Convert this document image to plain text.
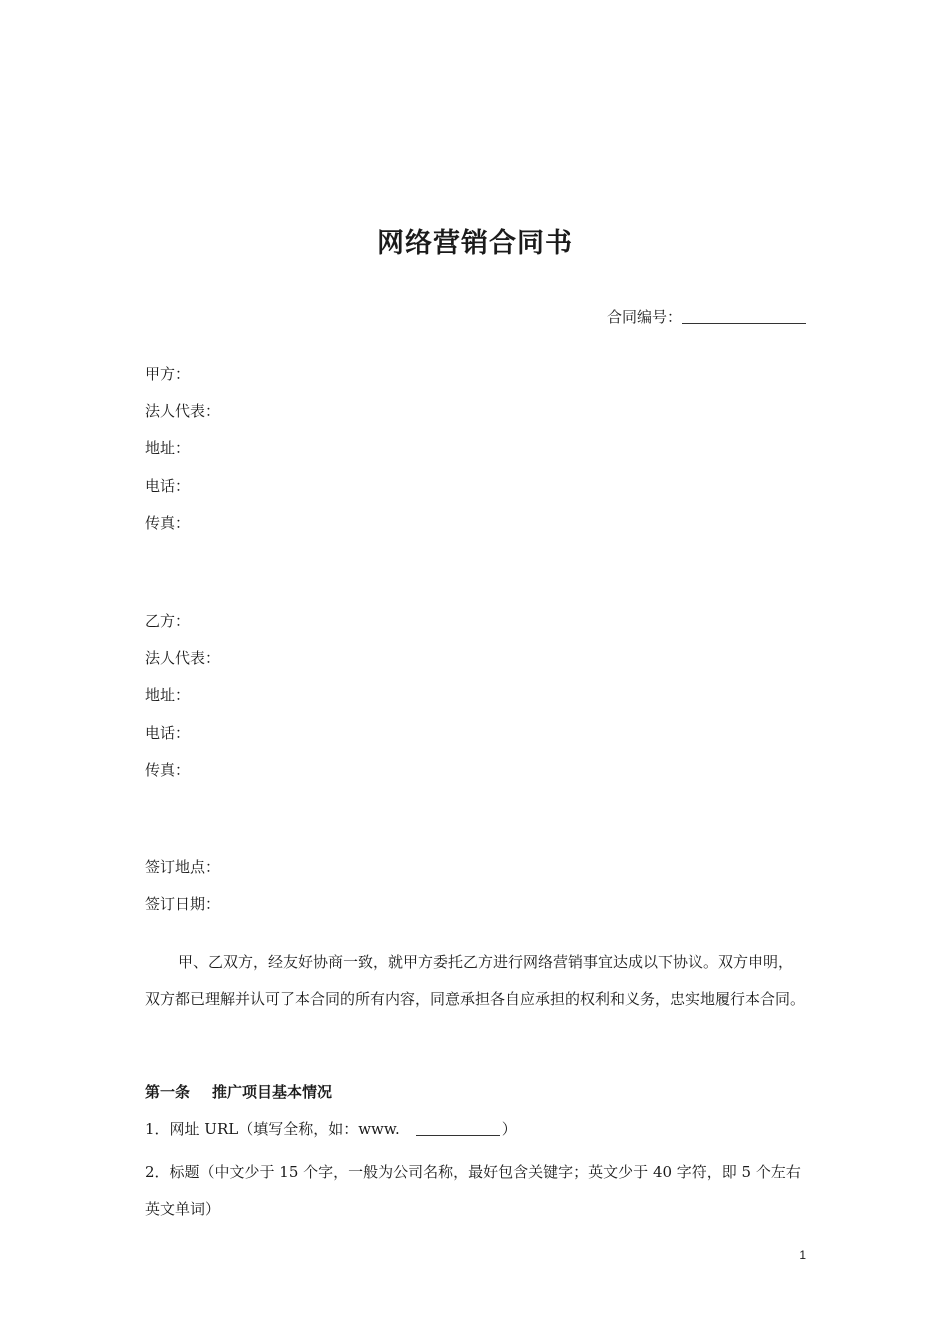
网络营销合同书
合同编号：
甲方：
法人代表：
地址：
电话：
传真：
乙方：
法人代表：
地址：
电话：
传真：
签订地点：
签订日期：
甲、乙双方，经友好协商一致，就甲方委托乙方进行网络营销事宜达成以下协议。双方申明，双方都已理解并认可了本合同的所有内容，同意承担各自应承担的权利和义务，忠实地履行本合同。
第一条 推广项目基本情况
1．网址 URL（填写全称，如：www.	）
2．标题（中文少于 15 个字，一般为公司名称，最好包含关键字；英文少于 40 字符，即 5 个左右英文单词）
1
